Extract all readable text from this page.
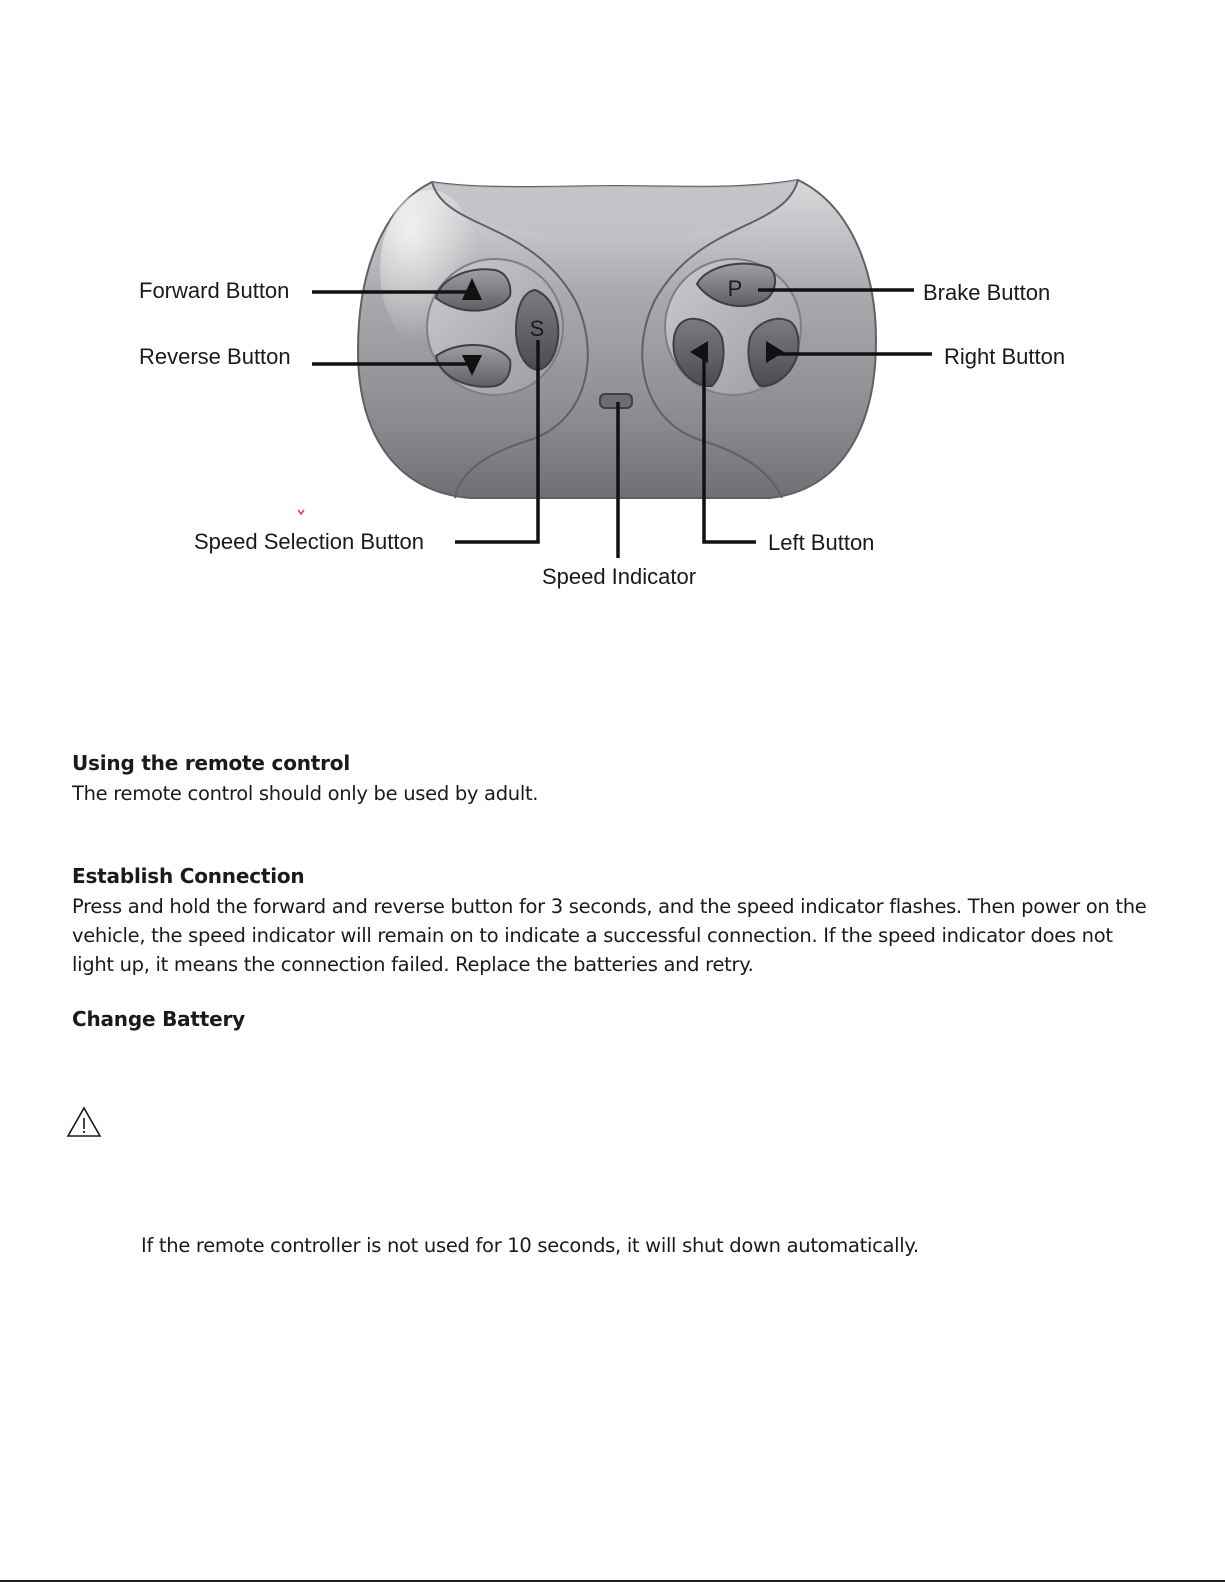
S
P
Forward Button
Reverse Button
Speed Selection Button
Speed Indicator
Left Button
Brake Button
Right Button
Using the remote control

The remote control should only be used by adult.

Establish Connection

Press and hold the forward and reverse button for 3 seconds, and the speed indicator flashes. Then power on the vehicle, the speed indicator will remain on to indicate a successful connection. If the speed indicator does not light up, it means the connection failed. Replace the batteries and retry.

Change Battery

If the remote controller is not used for 10 seconds, it will shut down automatically.
